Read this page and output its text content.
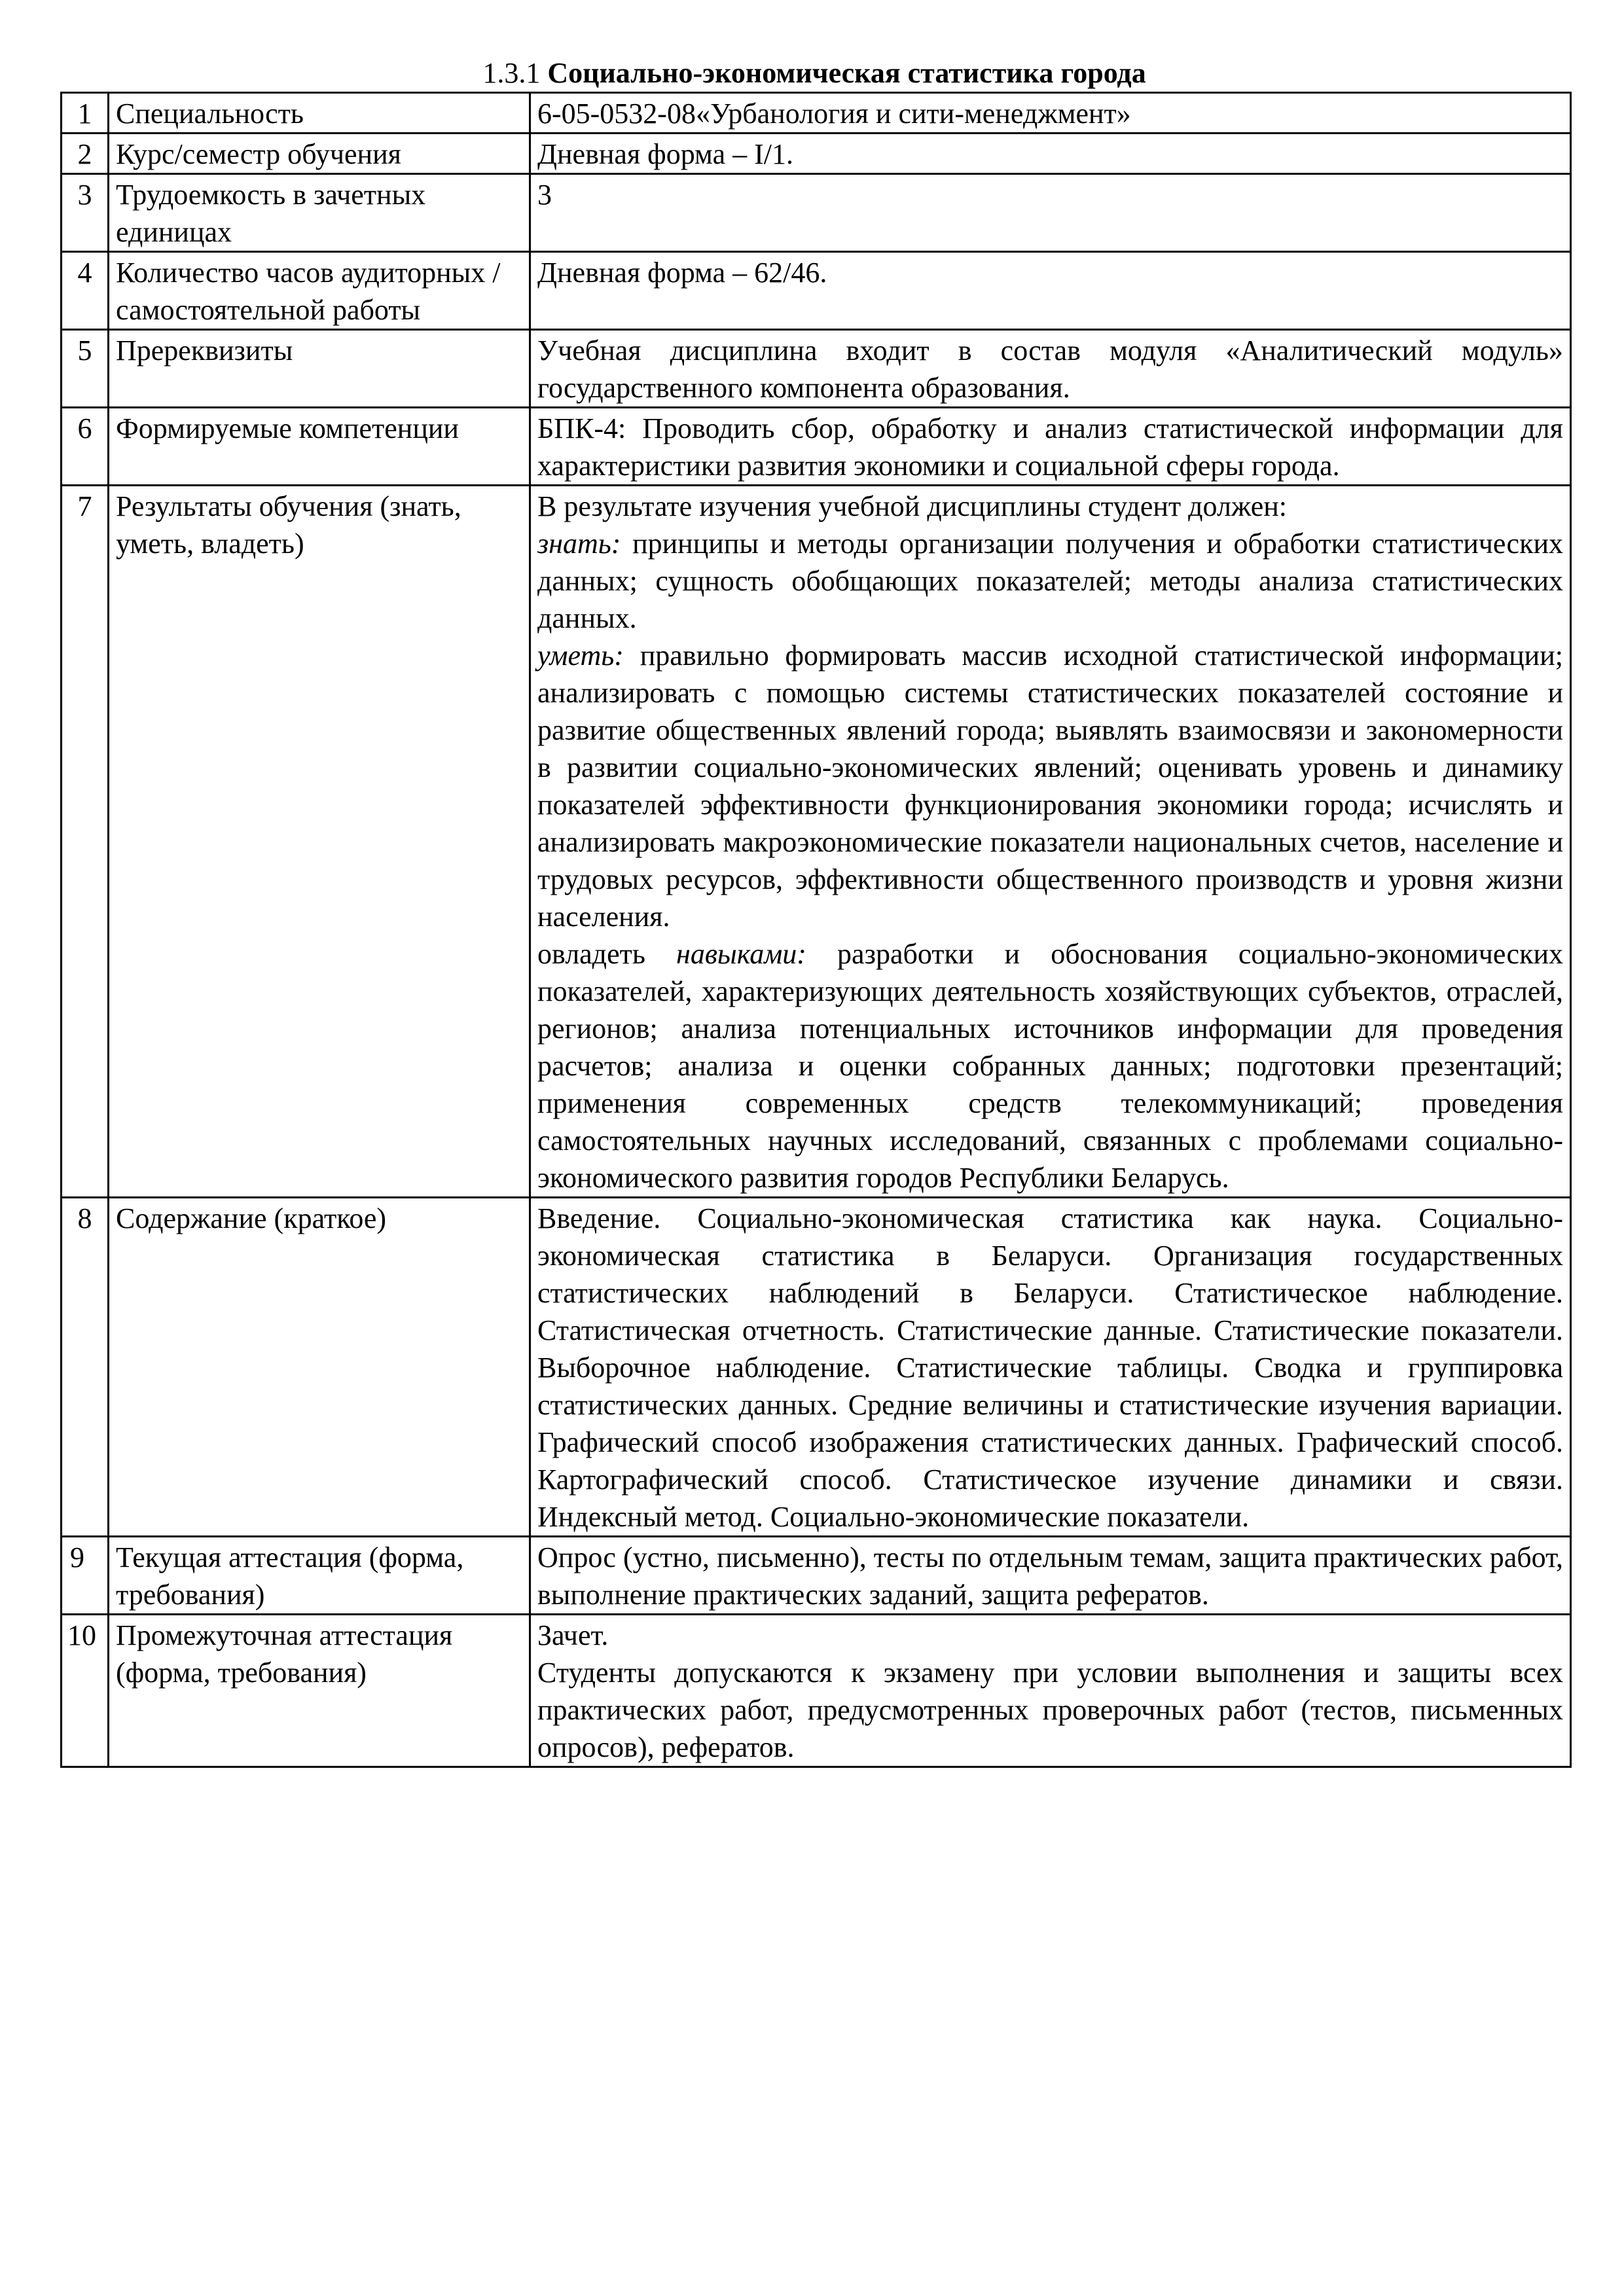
1.3.1 Социально-экономическая статистика города
1	Специальность	6-05-0532-08«Урбанология и сити-менеджмент»
2	Курс/семестр обучения	Дневная форма – I/1.
3	Трудоемкость в зачетных единицах	3
4	Количество часов аудиторных / самостоятельной работы	Дневная форма – 62/46.
5	Пререквизиты	Учебная дисциплина входит в состав модуля «Аналитический модуль» государственного компонента образования.
6	Формируемые компетенции	БПК-4: Проводить сбор, обработку и анализ статистической информации для характеристики развития экономики и социальной сферы города.
7	Результаты обучения (знать, уметь, владеть)	В результате изучения учебной дисциплины студент должен:
знать: принципы и методы организации получения и обработки статистических данных; сущность обобщающих показателей; методы анализа статистических данных.
уметь: правильно формировать массив исходной статистической информации; анализировать с помощью системы статистических показателей состояние и развитие общественных явлений города; выявлять взаимосвязи и закономерности в развитии социально-экономических явлений; оценивать уровень и динамику показателей эффективности функционирования экономики города; исчислять и анализировать макроэкономические показатели национальных счетов, население и трудовых ресурсов, эффективности общественного производств и уровня жизни населения.
овладеть навыками: разработки и обоснования социально-экономических показателей, характеризующих деятельность хозяйствующих субъектов, отраслей, регионов; анализа потенциальных источников информации для проведения расчетов; анализа и оценки собранных данных; подготовки презентаций; применения современных средств телекоммуникаций; проведения самостоятельных научных исследований, связанных с проблемами социально-экономического развития городов Республики Беларусь.

8	Содержание (краткое)	Введение. Социально-экономическая статистика как наука. Социально-экономическая статистика в Беларуси. Организация государственных статистических наблюдений в Беларуси. Статистическое наблюдение. Статистическая отчетность. Статистические данные. Статистические показатели. Выборочное наблюдение. Статистические таблицы. Сводка и группировка статистических данных. Средние величины и статистические изучения вариации. Графический способ изображения статистических данных. Графический способ. Картографический способ. Статистическое изучение динамики и связи. Индексный метод. Социально-экономические показатели.
9	Текущая аттестация (форма, требования)	Опрос (устно, письменно), тесты по отдельным темам, защита практических работ, выполнение практических заданий, защита рефератов.
10	Промежуточная аттестация (форма, требования)	Зачет.
Студенты допускаются к экзамену при условии выполнения и защиты всех практических работ, предусмотренных проверочных работ (тестов, письменных опросов), рефератов.
